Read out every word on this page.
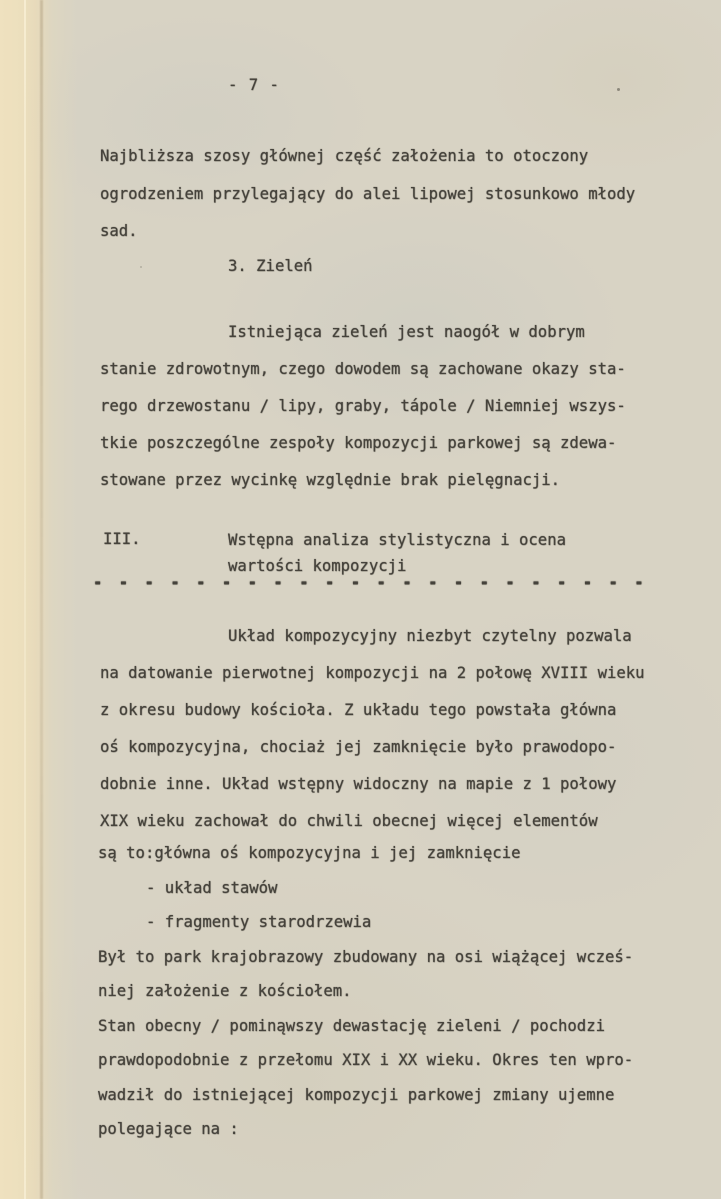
- 7 -
Najbliższa szosy głównej część założenia to otoczony
ogrodzeniem przylegający do alei lipowej stosunkowo młody
sad.
3. Zieleń
Istniejąca zieleń jest naogół w dobrym
stanie zdrowotnym, czego dowodem są zachowane okazy sta-
rego drzewostanu / lipy, graby, tápole / Niemniej wszys-
tkie poszczególne zespoły kompozycji parkowej są zdewa-
stowane przez wycinkę względnie brak pielęgnacji.
III.	Wstępna analiza stylistyczna i ocena
wartości kompozycji
- - - - - - - - - - - - - - - - - - - - - -
Układ kompozycyjny niezbyt czytelny pozwala
na datowanie pierwotnej kompozycji na 2 połowę XVIII wieku
z okresu budowy kościoła. Z układu tego powstała główna
oś kompozycyjna, chociaż jej zamknięcie było prawodopo-
dobnie inne. Układ wstępny widoczny na mapie z 1 połowy
XIX wieku zachował do chwili obecnej więcej elementów
są to:główna oś kompozycyjna i jej zamknięcie
- układ stawów
- fragmenty starodrzewia
Był to park krajobrazowy zbudowany na osi wiążącej wcześ-
niej założenie z kościołem.
Stan obecny / pominąwszy dewastację zieleni / pochodzi
prawdopodobnie z przełomu XIX i XX wieku. Okres ten wpro-
wadził do istniejącej kompozycji parkowej zmiany ujemne
polegające na :
